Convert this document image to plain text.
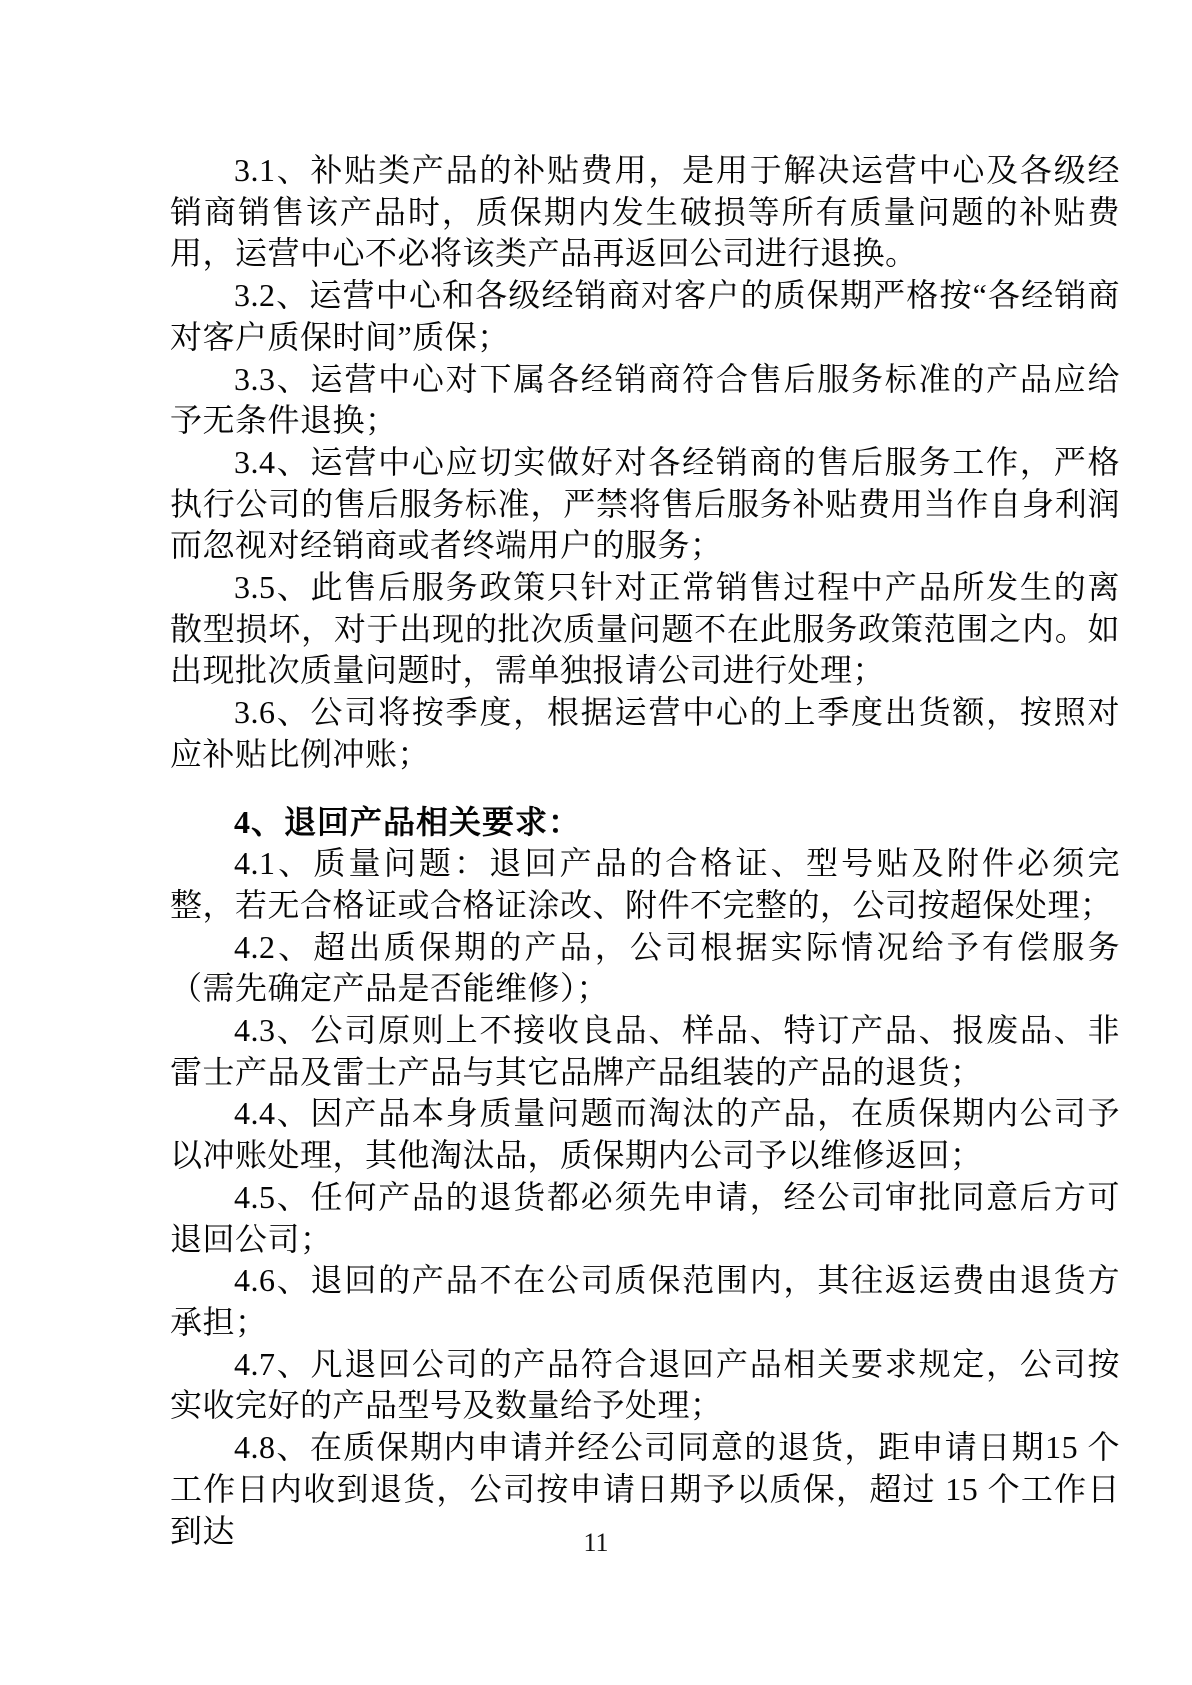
3.1、补贴类产品的补贴费用，是用于解决运营中心及各级经销商销售该产品时，质保期内发生破损等所有质量问题的补贴费用，运营中心不必将该类产品再返回公司进行退换。

3.2、运营中心和各级经销商对客户的质保期严格按“各经销商对客户质保时间”质保；

3.3、运营中心对下属各经销商符合售后服务标准的产品应给予无条件退换；

3.4、运营中心应切实做好对各经销商的售后服务工作，严格执行公司的售后服务标准，严禁将售后服务补贴费用当作自身利润而忽视对经销商或者终端用户的服务；

3.5、此售后服务政策只针对正常销售过程中产品所发生的离散型损坏，对于出现的批次质量问题不在此服务政策范围之内。如出现批次质量问题时，需单独报请公司进行处理；

3.6、公司将按季度，根据运营中心的上季度出货额，按照对应补贴比例冲账；

4、退回产品相关要求：

4.1、质量问题：退回产品的合格证、型号贴及附件必须完整，若无合格证或合格证涂改、附件不完整的，公司按超保处理；

4.2、超出质保期的产品，公司根据实际情况给予有偿服务（需先确定产品是否能维修）；

4.3、公司原则上不接收良品、样品、特订产品、报废品、非雷士产品及雷士产品与其它品牌产品组装的产品的退货；

4.4、因产品本身质量问题而淘汰的产品，在质保期内公司予以冲账处理，其他淘汰品，质保期内公司予以维修返回；

4.5、任何产品的退货都必须先申请，经公司审批同意后方可退回公司；

4.6、退回的产品不在公司质保范围内，其往返运费由退货方承担；

4.7、凡退回公司的产品符合退回产品相关要求规定，公司按实收完好的产品型号及数量给予处理；

4.8、在质保期内申请并经公司同意的退货，距申请日期15 个工作日内收到退货，公司按申请日期予以质保，超过 15 个工作日到达	11
